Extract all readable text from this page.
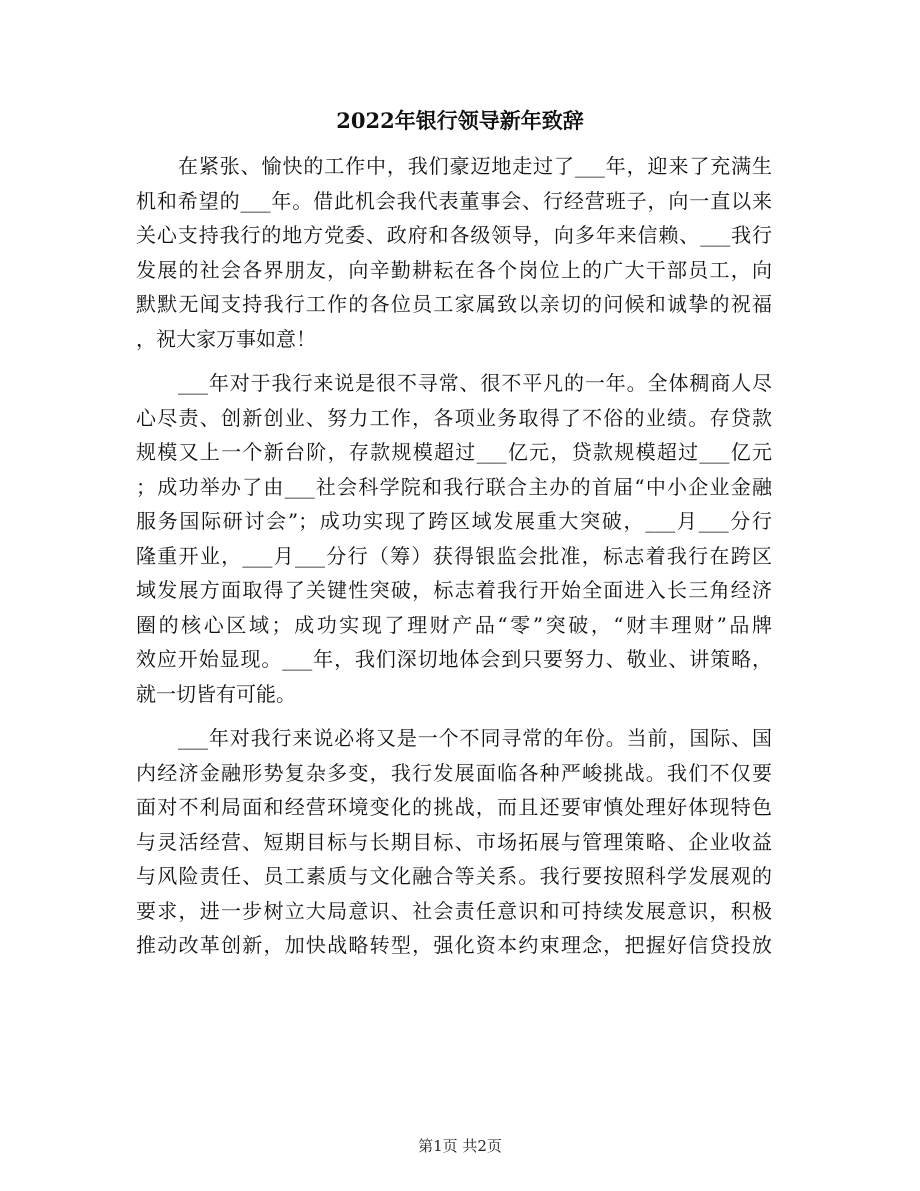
2022年银行领导新年致辞

在紧张、愉快的工作中，我们豪迈地走过了___年，迎来了充满生
机和希望的___年。借此机会我代表董事会、行经营班子，向一直以来
关心支持我行的地方党委、政府和各级领导，向多年来信赖、___我行
发展的社会各界朋友，向辛勤耕耘在各个岗位上的广大干部员工，向
默默无闻支持我行工作的各位员工家属致以亲切的问候和诚挚的祝福
，祝大家万事如意！

___年对于我行来说是很不寻常、很不平凡的一年。全体稠商人尽
心尽责、创新创业、努力工作，各项业务取得了不俗的业绩。存贷款
规模又上一个新台阶，存款规模超过___亿元，贷款规模超过___亿元
；成功举办了由___社会科学院和我行联合主办的首届“中小企业金融
服务国际研讨会”；成功实现了跨区域发展重大突破，___月___分行
隆重开业，___月___分行（筹）获得银监会批准，标志着我行在跨区
域发展方面取得了关键性突破，标志着我行开始全面进入长三角经济
圈的核心区域；成功实现了理财产品“零”突破，“财丰理财”品牌
效应开始显现。___年，我们深切地体会到只要努力、敬业、讲策略，
就一切皆有可能。

___年对我行来说必将又是一个不同寻常的年份。当前，国际、国
内经济金融形势复杂多变，我行发展面临各种严峻挑战。我们不仅要
面对不利局面和经营环境变化的挑战，而且还要审慎处理好体现特色
与灵活经营、短期目标与长期目标、市场拓展与管理策略、企业收益
与风险责任、员工素质与文化融合等关系。我行要按照科学发展观的
要求，进一步树立大局意识、社会责任意识和可持续发展意识，积极
推动改革创新，加快战略转型，强化资本约束理念，把握好信贷投放

第1页 共2页
